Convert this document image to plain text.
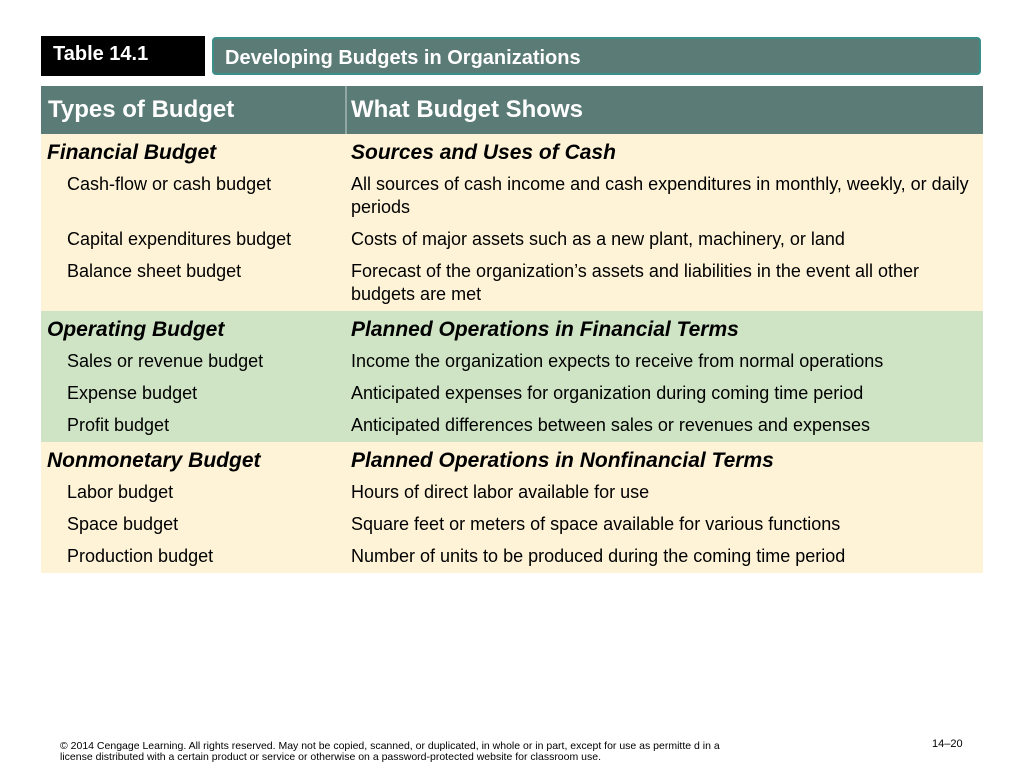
Table 14.1	Developing Budgets in Organizations
Types of Budget	What Budget Shows
Financial Budget	Sources and Uses of Cash
Cash-flow or cash budget	All sources of cash income and cash expenditures in monthly, weekly, or daily periods
Capital expenditures budget	Costs of major assets such as a new plant, machinery, or land
Balance sheet budget	Forecast of the organization’s assets and liabilities in the event all other budgets are met
Operating Budget	Planned Operations in Financial Terms
Sales or revenue budget	Income the organization expects to receive from normal operations
Expense budget	Anticipated expenses for organization during coming time period
Profit budget	Anticipated differences between sales or revenues and expenses
Nonmonetary Budget	Planned Operations in Nonfinancial Terms
Labor budget	Hours of direct labor available for use
Space budget	Square feet or meters of space available for various functions
Production budget	Number of units to be produced during the coming time period
© 2014 Cengage Learning. All rights reserved. May not be copied, scanned, or duplicated, in whole or in part, except for use as permitte d in a license distributed with a certain product or service or otherwise on a password-protected website for classroom use.
14–20
